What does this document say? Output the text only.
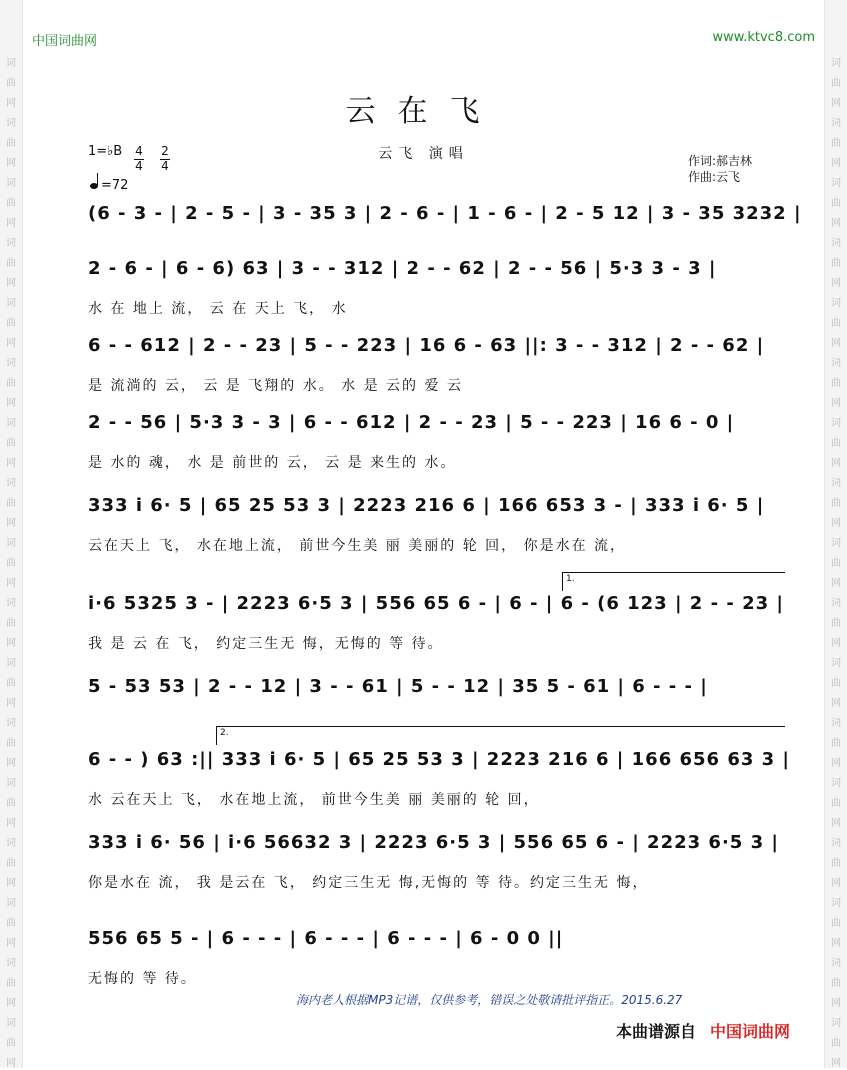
词
曲
网
词
曲
网
词
曲
网
词
曲
网
词
曲
网
词
曲
网
词
曲
网
词
曲
网
词
曲
网
词
曲
网
词
曲
网
词
曲
网
词
曲
网
词
曲
网
词
曲
网
词
曲
网
词
曲
网
词
曲
网
词
曲
网
词
曲
网
词
曲
网
词
曲
网
词
曲
网
词
曲
网
词
曲
网
词
曲
网
词
曲
网
词
曲
网
词
曲
网
词
曲
网
词
曲
网
词
曲
网
词
曲
网
词
曲
网
中国词曲网	www.ktvc8.com
云在飞
云飞 演唱	作词:郝吉林
作曲:云飞
1=♭B 4
4
2
4
=72
(6 - 3 - | 2 - 5 - | 3 - 35 3 | 2 - 6 - | 1 - 6 - | 2 - 5 12 | 3 - 35 3232 |
2 - 6 - | 6 - 6) 63 | 3 - - 312 | 2 - - 62 | 2 - - 56 | 5·3 3 - 3 |
水 在 地上 流， 云 在 天上 飞， 水
6 - - 612 | 2 - - 23 | 5 - - 223 | 16 6 - 63 ||: 3 - - 312 | 2 - - 62 |
是 流淌的 云， 云 是 飞翔的 水。 水 是 云的 爱 云
2 - - 56 | 5·3 3 - 3 | 6 - - 612 | 2 - - 23 | 5 - - 223 | 16 6 - 0 |
是 水的 魂， 水 是 前世的 云， 云 是 来生的 水。
333 i 6· 5 | 65 25 53 3 | 2223 216 6 | 166 653 3 - | 333 i 6· 5 |
云在天上 飞， 水在地上流， 前世今生美 丽 美丽的 轮 回， 你是水在 流，
i·6 5325 3 - | 2223 6·5 3 | 556 65 6 - | 6 - | 6 - (6 123 | 2 - - 23 |
我 是 云 在 飞， 约定三生无 悔，无悔的 等 待。
5 - 53 53 | 2 - - 12 | 3 - - 61 | 5 - - 12 | 35 5 - 61 | 6 - - - |
6 - - ) 63 :|| 333 i 6· 5 | 65 25 53 3 | 2223 216 6 | 166 656 63 3 |
水 云在天上 飞， 水在地上流， 前世今生美 丽 美丽的 轮 回，
333 i 6· 56 | i·6 56632 3 | 2223 6·5 3 | 556 65 6 - | 2223 6·5 3 |
你是水在 流， 我 是云在 飞， 约定三生无 悔,无悔的 等 待。约定三生无 悔，
556 65 5 - | 6 - - - | 6 - - - | 6 - - - | 6 - 0 0 ||
无悔的 等 待。
1.
2.
海内老人根据MP3记谱，仅供参考，错误之处敬请批评指正。2015.6.27
本曲谱源自 中国词曲网
